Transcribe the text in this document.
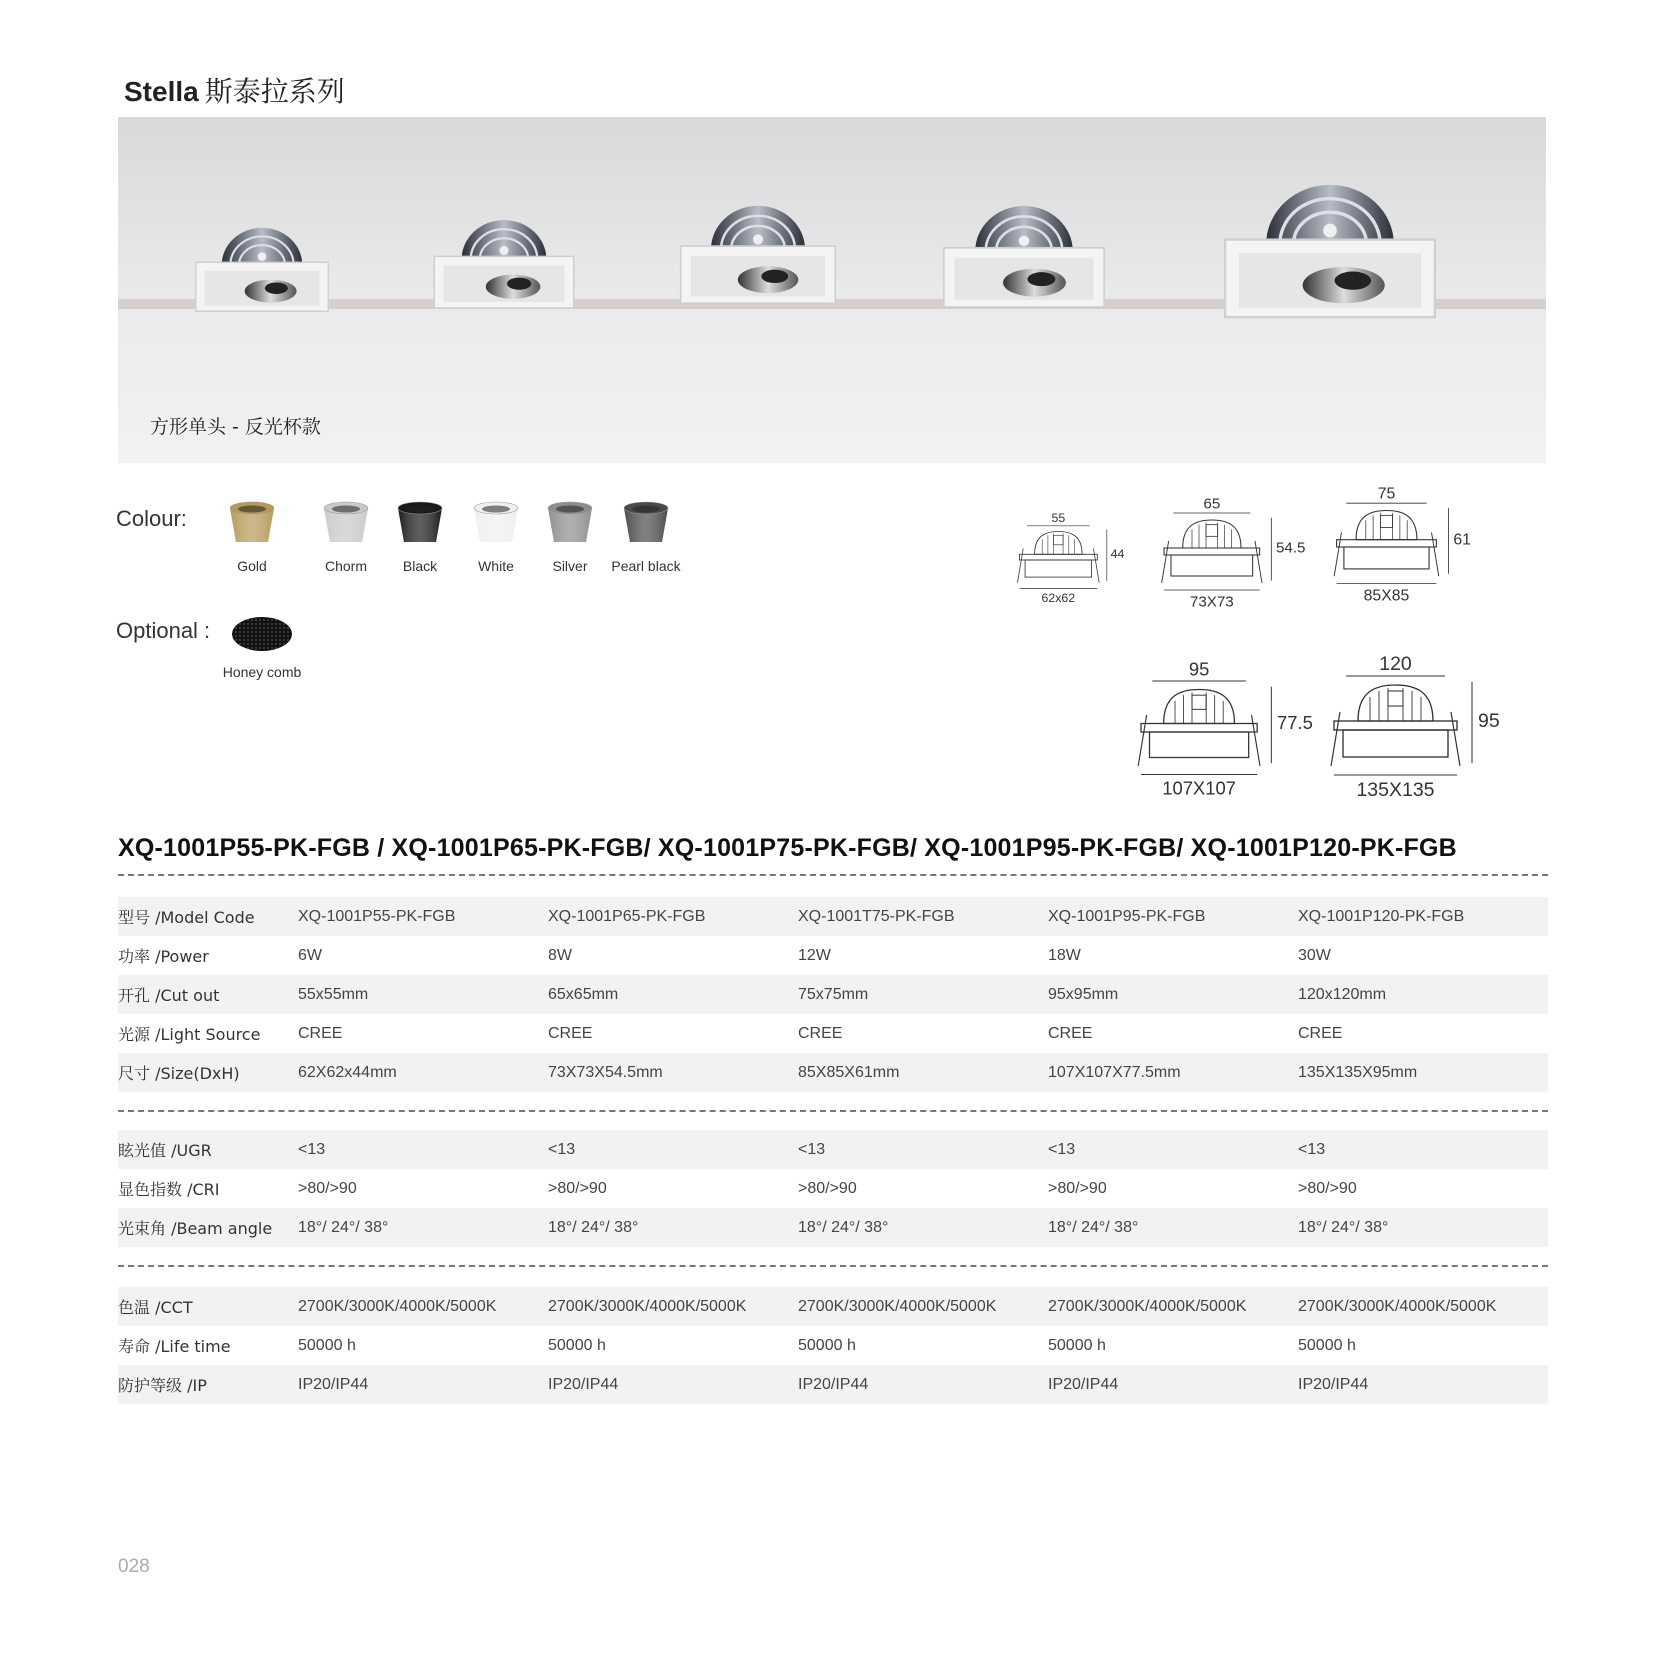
Stella 斯泰拉系列
方形单头 - 反光杯款
Colour:
Gold	Chorm	Black	White	Silver	Pearl black
Optional :
Honey comb
55
44
62x62
65
54.5
73X73
75
61
85X85
95
77.5
107X107
120
95
135X135
XQ-1001P55-PK-FGB / XQ-1001P65-PK-FGB/ XQ-1001P75-PK-FGB/ XQ-1001P95-PK-FGB/ XQ-1001P120-PK-FGB
型号 /Model Code	XQ-1001P55-PK-FGB	XQ-1001P65-PK-FGB	XQ-1001T75-PK-FGB	XQ-1001P95-PK-FGB	XQ-1001P120-PK-FGB
功率 /Power	6W	8W	12W	18W	30W
开孔 /Cut out	55x55mm	65x65mm	75x75mm	95x95mm	120x120mm
光源 /Light Source	CREE	CREE	CREE	CREE	CREE
尺寸 /Size(DxH)	62X62x44mm	73X73X54.5mm	85X85X61mm	107X107X77.5mm	135X135X95mm
眩光值 /UGR	<13	<13	<13	<13	<13
显色指数 /CRI	>80/>90	>80/>90	>80/>90	>80/>90	>80/>90
光束角 /Beam angle	18°/ 24°/ 38°	18°/ 24°/ 38°	18°/ 24°/ 38°	18°/ 24°/ 38°	18°/ 24°/ 38°
色温 /CCT	2700K/3000K/4000K/5000K	2700K/3000K/4000K/5000K	2700K/3000K/4000K/5000K	2700K/3000K/4000K/5000K	2700K/3000K/4000K/5000K
寿命 /Life time	50000 h	50000 h	50000 h	50000 h	50000 h
防护等级 /IP	IP20/IP44	IP20/IP44	IP20/IP44	IP20/IP44	IP20/IP44
028
